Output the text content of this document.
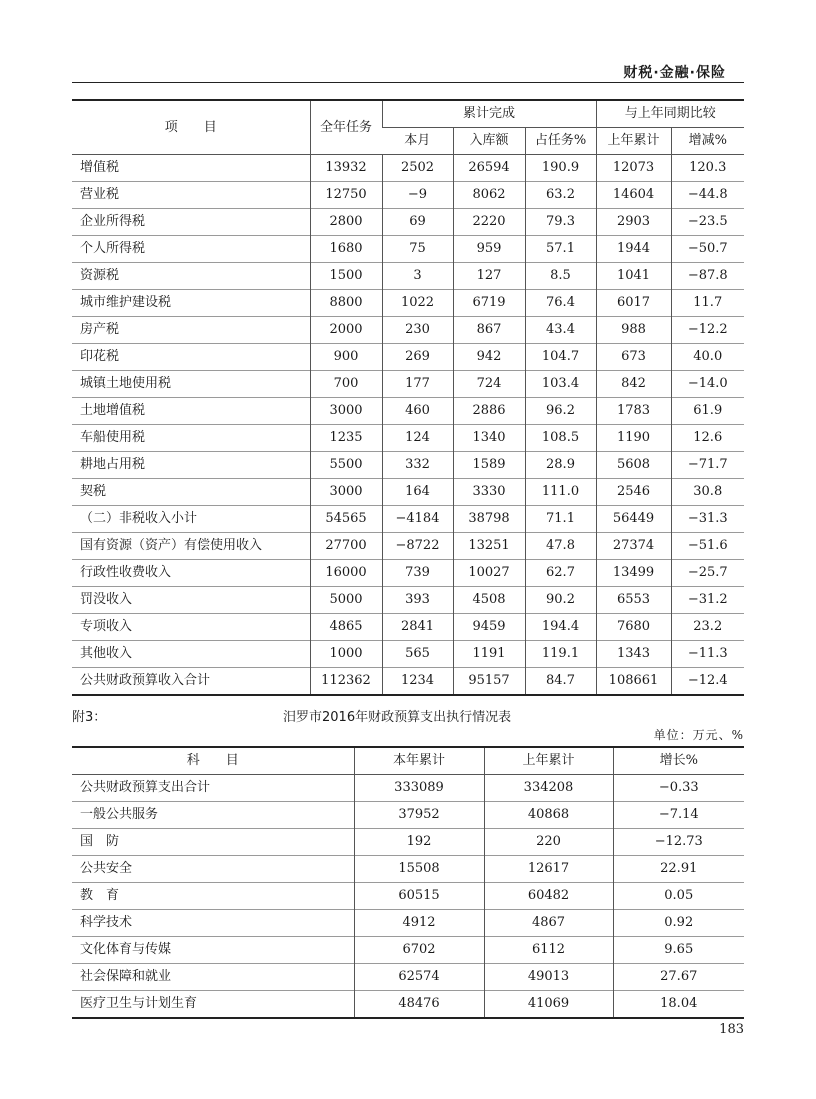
财税·金融·保险
项　　目	全年任务	累计完成			与上年同期比较	
		本月	入库额	占任务%	上年累计	增减%
增值税	13932	2502	26594	190.9	12073	120.3
营业税	12750	−9	8062	63.2	14604	−44.8
企业所得税	2800	69	2220	79.3	2903	−23.5
个人所得税	1680	75	959	57.1	1944	−50.7
资源税	1500	3	127	8.5	1041	−87.8
城市维护建设税	8800	1022	6719	76.4	6017	11.7
房产税	2000	230	867	43.4	988	−12.2
印花税	900	269	942	104.7	673	40.0
城镇土地使用税	700	177	724	103.4	842	−14.0
土地增值税	3000	460	2886	96.2	1783	61.9
车船使用税	1235	124	1340	108.5	1190	12.6
耕地占用税	5500	332	1589	28.9	5608	−71.7
契税	3000	164	3330	111.0	2546	30.8
（二）非税收入小计	54565	−4184	38798	71.1	56449	−31.3
国有资源（资产）有偿使用收入	27700	−8722	13251	47.8	27374	−51.6
行政性收费收入	16000	739	10027	62.7	13499	−25.7
罚没收入	5000	393	4508	90.2	6553	−31.2
专项收入	4865	2841	9459	194.4	7680	23.2
其他收入	1000	565	1191	119.1	1343	−11.3
公共财政预算收入合计	112362	1234	95157	84.7	108661	−12.4
附3：	汨罗市2016年财政预算支出执行情况表
单位：万元、%
科　　目	本年累计	上年累计	增长%
公共财政预算支出合计	333089	334208	−0.33
一般公共服务	37952	40868	−7.14
国　防	192	220	−12.73
公共安全	15508	12617	22.91
教　育	60515	60482	0.05
科学技术	4912	4867	0.92
文化体育与传媒	6702	6112	9.65
社会保障和就业	62574	49013	27.67
医疗卫生与计划生育	48476	41069	18.04
183
